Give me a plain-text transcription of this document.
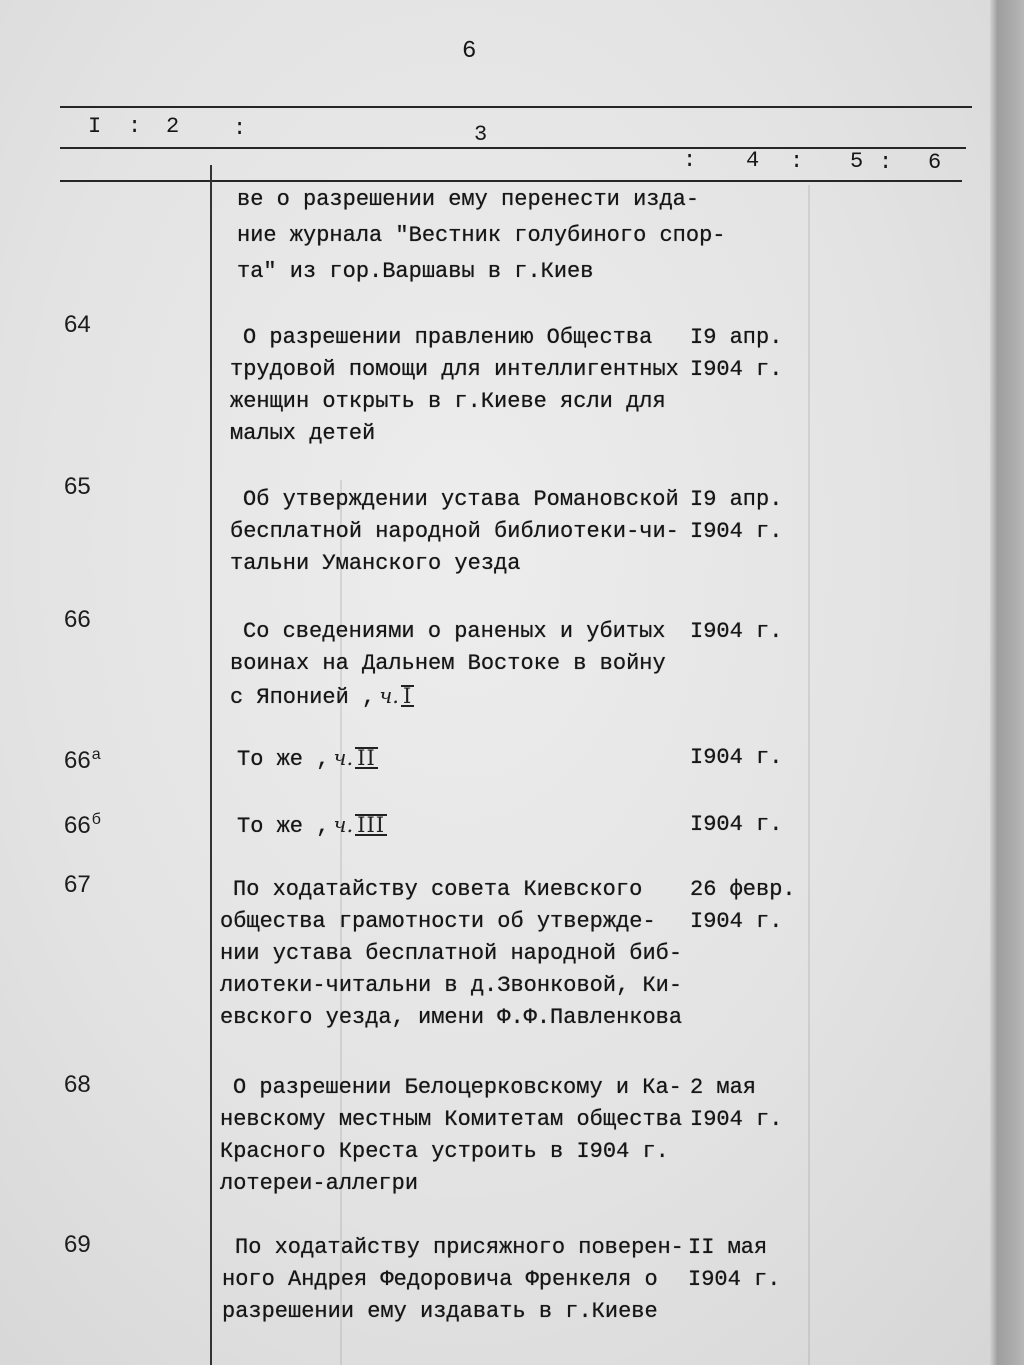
6
I : 2 :	3
: 4 : 5 : 6
ве о разрешении ему перенести изда-
ние журнала "Вестник голубиного спор-
та" из гор.Варшавы в г.Киев
64	О разрешении правлению Общества
трудовой помощи для интеллигентных
женщин открыть в г.Киеве ясли для
малых детей
I9 апр.
I904 г.
65	Об утверждении устава Романовской
бесплатной народной библиотеки-чи-
тальни Уманского уезда
I9 апр.
I904 г.
66	Со сведениями о раненых и убитых
воинах на Дальнем Востоке в войну
с Японией , ч. I
I904 г.
$66^а$	То же , ч. II	I904 г.
$66^б$	То же , ч. III	I904 г.
67	По ходатайству совета Киевского
общества грамотности об утвержде-
нии устава бесплатной народной биб-
лиотеки-читальни в д.Звонковой, Ки-
евского уезда, имени Ф.Ф.Павленкова
26 февр.
I904 г.
68	О разрешении Белоцерковскому и Ка-
невскому местным Комитетам общества
Красного Креста устроить в I904 г.
лотереи-аллегри
2 мая
I904 г.
69	По ходатайству присяжного поверен-
ного Андрея Федоровича Френкеля о
разрешении ему издавать в г.Киеве
II мая
I904 г.
